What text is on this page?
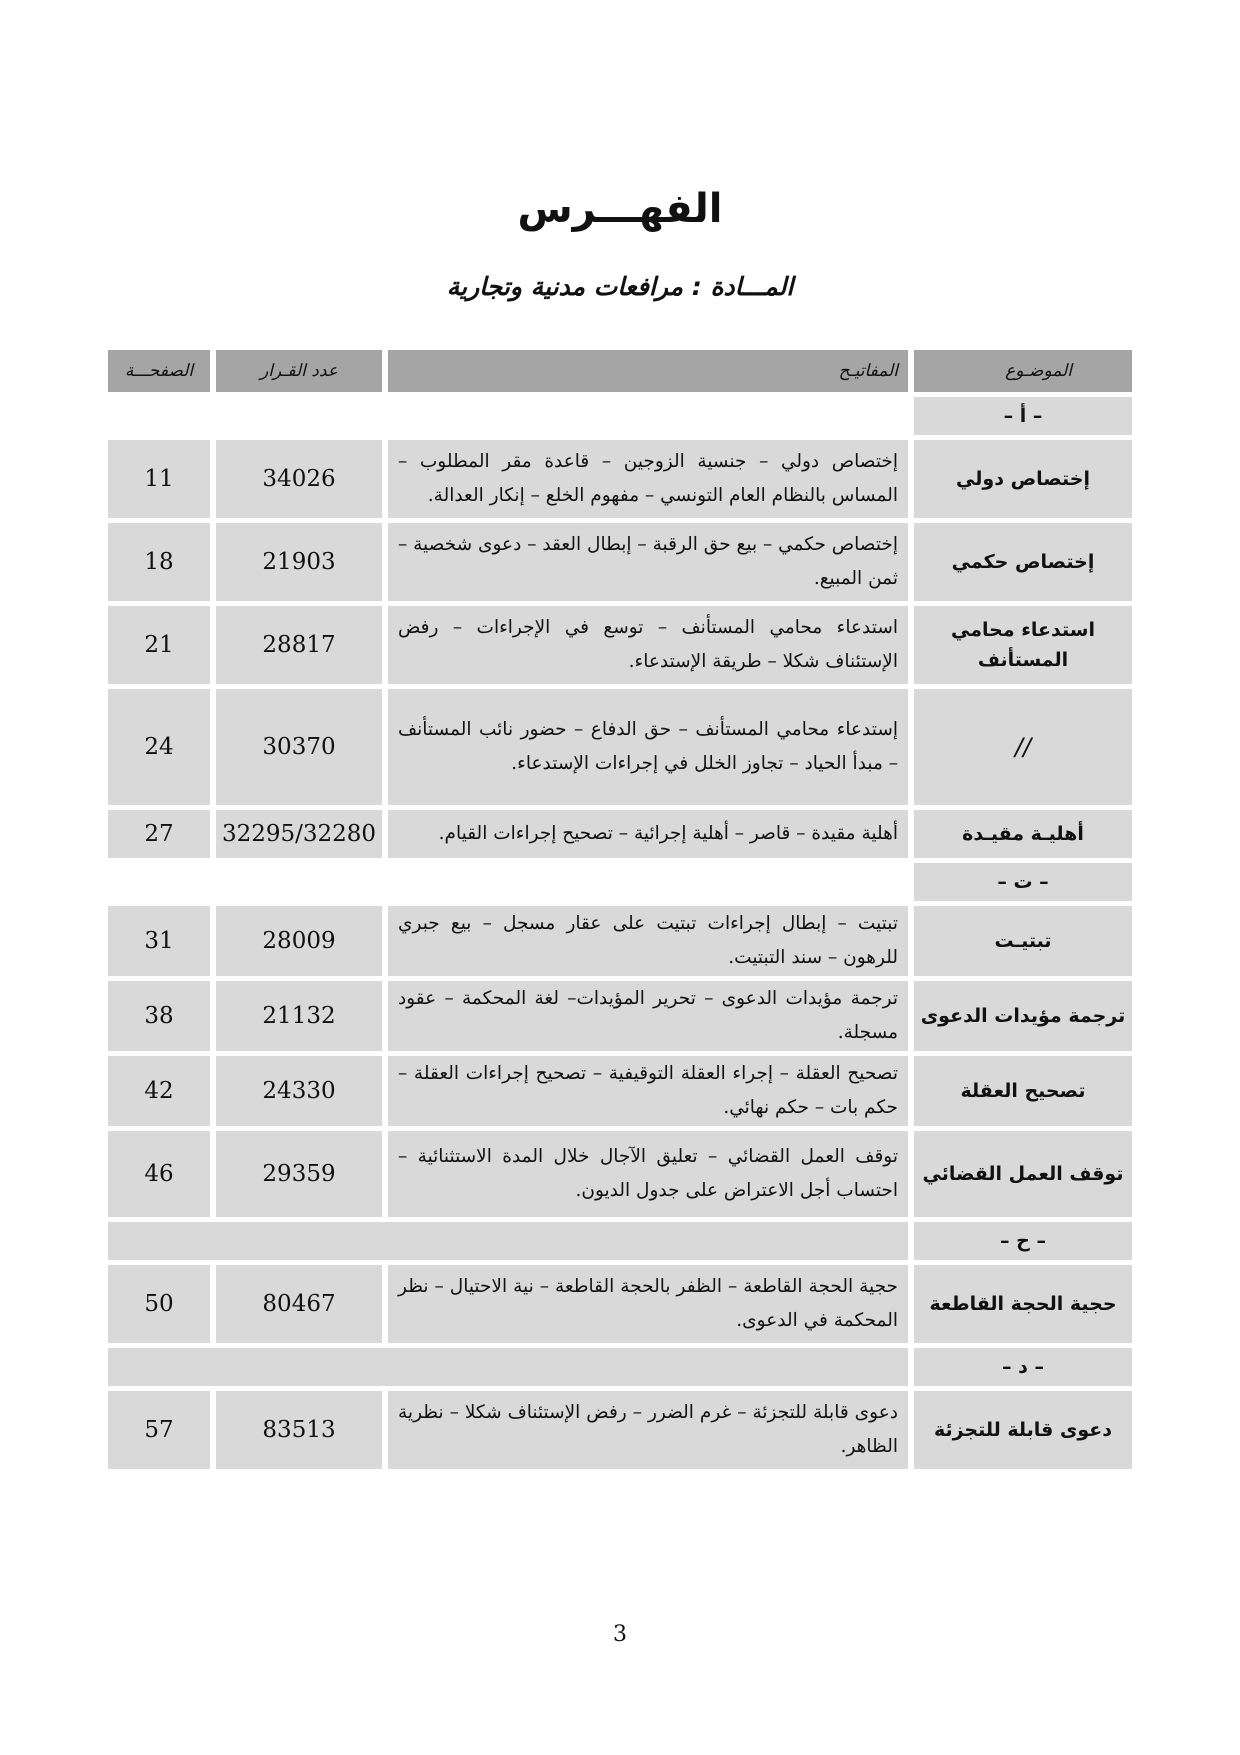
الفهـــرس
المـــادة : مرافعات مدنية وتجارية
الموضـوع
المفاتيـح
عدد القـرار
الصفحـــة
– أ –
إختصاص دولي
إختصاص دولي – جنسية الزوجين – قاعدة مقر المطلوب – المساس بالنظام العام التونسي – مفهوم الخلع – إنكار العدالة.
34026
11
إختصاص حكمي
إختصاص حكمي – بيع حق الرقبة – إبطال العقد – دعوى شخصية – ثمن المبيع.
21903
18
استدعاء محامي المستأنف
استدعاء محامي المستأنف – توسع في الإجراءات – رفض الإستئناف شكلا – طريقة الإستدعاء.
28817
21
//
إستدعاء محامي المستأنف – حق الدفاع – حضور نائب المستأنف – مبدأ الحياد – تجاوز الخلل في إجراءات الإستدعاء.
30370
24
أهليـة مقيـدة
أهلية مقيدة – قاصر – أهلية إجرائية – تصحيح إجراءات القيام.
32295/32280
27
– ت –
تبتيـت
تبتيت – إبطال إجراءات تبتيت على عقار مسجل – بيع جبري للرهون – سند التبتيت.
28009
31
ترجمة مؤيدات الدعوى
ترجمة مؤيدات الدعوى – تحرير المؤيدات– لغة المحكمة – عقود مسجلة.
21132
38
تصحيح العقلة
تصحيح العقلة – إجراء العقلة التوقيفية – تصحيح إجراءات العقلة – حكم بات – حكم نهائي.
24330
42
توقف العمل القضائي
توقف العمل القضائي – تعليق الآجال خلال المدة الاستثنائية – احتساب أجل الاعتراض على جدول الديون.
29359
46
– ح –
حجية الحجة القاطعة
حجية الحجة القاطعة – الظفر بالحجة القاطعة – نية الاحتيال – نظر المحكمة في الدعوى.
80467
50
– د –
دعوى قابلة للتجزئة
دعوى قابلة للتجزئة – غرم الضرر – رفض الإستئناف شكلا – نظرية الظاهر.
83513
57
3
